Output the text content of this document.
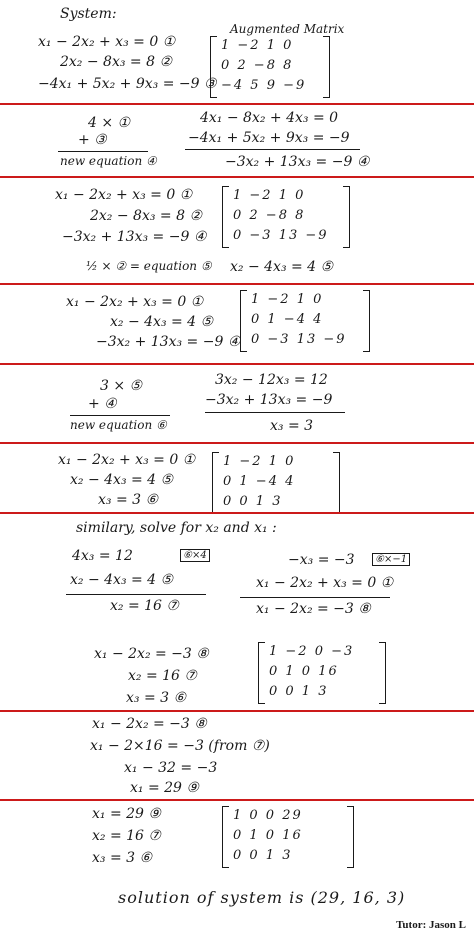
System:
Augmented Matrix
x₁ − 2x₂ + x₃ = 0 ①
2x₂ − 8x₃ = 8 ②
−4x₁ + 5x₂ + 9x₃ = −9 ③
1 −2 1 0
0 2 −8 8
−4 5 9 −9
4 × ①
+ ③
new equation ④
4x₁ − 8x₂ + 4x₃ = 0
−4x₁ + 5x₂ + 9x₃ = −9
−3x₂ + 13x₃ = −9 ④
x₁ − 2x₂ + x₃ = 0 ①
2x₂ − 8x₃ = 8 ②
−3x₂ + 13x₃ = −9 ④
1 −2 1 0
0 2 −8 8
0 −3 13 −9
½ × ② = equation ⑤ x₂ − 4x₃ = 4 ⑤
x₁ − 2x₂ + x₃ = 0 ①
x₂ − 4x₃ = 4 ⑤
−3x₂ + 13x₃ = −9 ④
1 −2 1 0
0 1 −4 4
0 −3 13 −9
3 × ⑤
+ ④
new equation ⑥
3x₂ − 12x₃ = 12
−3x₂ + 13x₃ = −9
x₃ = 3
x₁ − 2x₂ + x₃ = 0 ①
x₂ − 4x₃ = 4 ⑤
x₃ = 3 ⑥
1 −2 1 0
0 1 −4 4
0 0 1 3
similary, solve for x₂ and x₁ :
4x₃ = 12	⑥×4
x₂ − 4x₃ = 4 ⑤
x₂ = 16 ⑦
−x₃ = −3	⑥×−1
x₁ − 2x₂ + x₃ = 0 ①
x₁ − 2x₂ = −3 ⑧
x₁ − 2x₂ = −3 ⑧
x₂ = 16 ⑦
x₃ = 3 ⑥
1 −2 0 −3
0 1 0 16
0 0 1 3
x₁ − 2x₂ = −3 ⑧
x₁ − 2×16 = −3 (from ⑦)
x₁ − 32 = −3
x₁ = 29 ⑨
x₁ = 29 ⑨
x₂ = 16 ⑦
x₃ = 3 ⑥
1 0 0 29
0 1 0 16
0 0 1 3
solution of system is (29, 16, 3)
Tutor: Jason L
